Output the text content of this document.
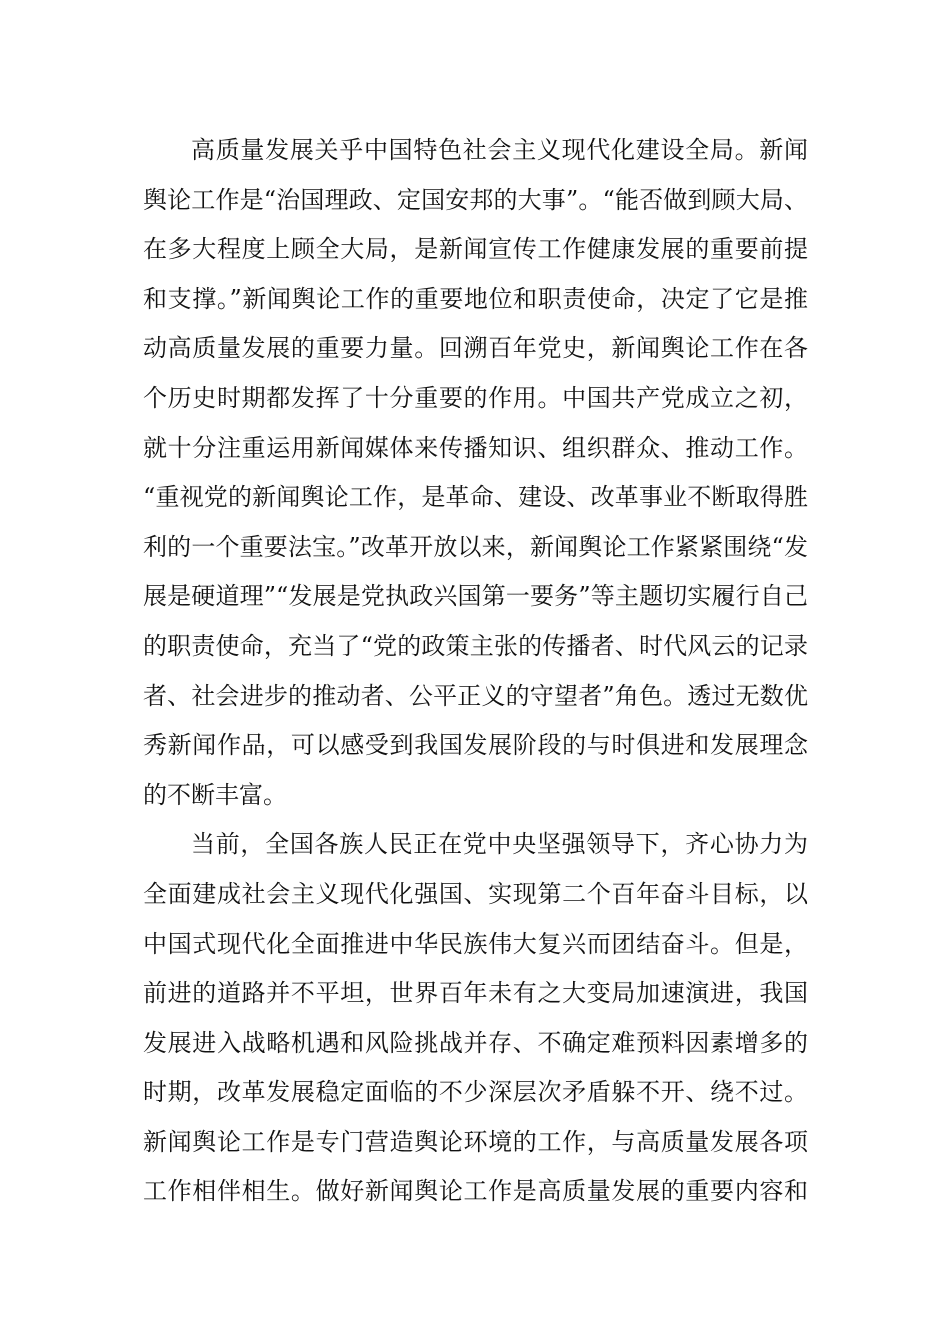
高质量发展关乎中国特色社会主义现代化建设全局。新闻
舆论工作是“治国理政、定国安邦的大事”。“能否做到顾大局、
在多大程度上顾全大局，是新闻宣传工作健康发展的重要前提
和支撑。”新闻舆论工作的重要地位和职责使命，决定了它是推
动高质量发展的重要力量。回溯百年党史，新闻舆论工作在各
个历史时期都发挥了十分重要的作用。中国共产党成立之初，
就十分注重运用新闻媒体来传播知识、组织群众、推动工作。
“重视党的新闻舆论工作，是革命、建设、改革事业不断取得胜
利的一个重要法宝。”改革开放以来，新闻舆论工作紧紧围绕“发
展是硬道理”“发展是党执政兴国第一要务”等主题切实履行自己
的职责使命，充当了“党的政策主张的传播者、时代风云的记录
者、社会进步的推动者、公平正义的守望者”角色。透过无数优
秀新闻作品，可以感受到我国发展阶段的与时俱进和发展理念
的不断丰富。
当前，全国各族人民正在党中央坚强领导下，齐心协力为
全面建成社会主义现代化强国、实现第二个百年奋斗目标，以
中国式现代化全面推进中华民族伟大复兴而团结奋斗。但是，
前进的道路并不平坦，世界百年未有之大变局加速演进，我国
发展进入战略机遇和风险挑战并存、不确定难预料因素增多的
时期，改革发展稳定面临的不少深层次矛盾躲不开、绕不过。
新闻舆论工作是专门营造舆论环境的工作，与高质量发展各项
工作相伴相生。做好新闻舆论工作是高质量发展的重要内容和
